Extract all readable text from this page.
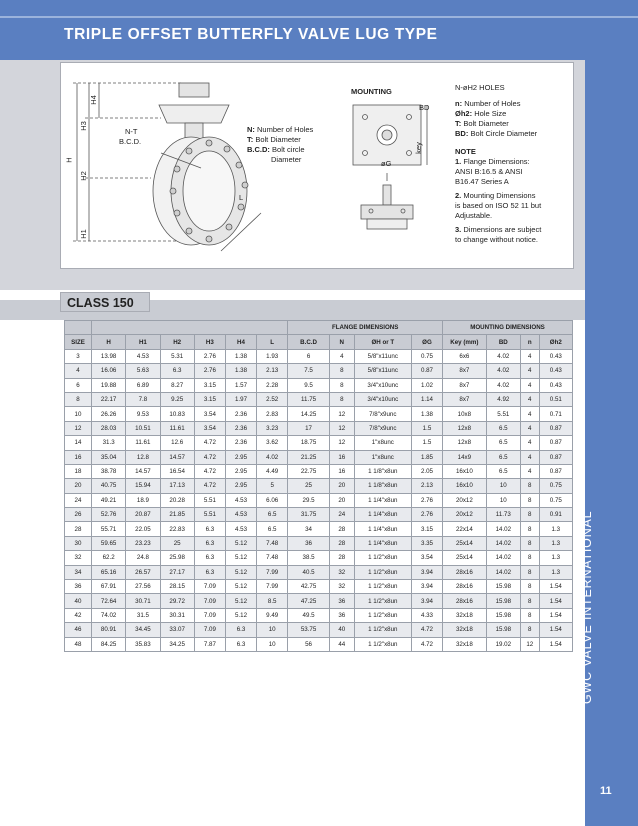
TRIPLE OFFSET BUTTERFLY VALVE LUG TYPE
H4
H3
H
H2
H1
N-T
B.C.D.
L
N: Number of Holes
T: Bolt Diameter
B.C.D: Bolt circle
Diameter
MOUNTING
BD
key
øG
N-øH2 HOLES
n: Number of Holes
Øh2: Hole Size
T: Bolt Diameter
BD: Bolt Circle Diameter
NOTE
1. Flange Dimensions:
ANSI B:16.5 & ANSI
B16.47 Series A
2. Mounting Dimensions
is based on ISO 52 11 but
Adjustable.
3. Dimensions are subject
to change without notice.
CLASS 150
							FLANGE DIMENSIONS				MOUNTING DIMENSIONS			
SIZE	H	H1	H2	H3	H4	L	B.C.D	N	ØH or T	ØG	Key (mm)	BD	n	Øh2
3	13.98	4.53	5.31	2.76	1.38	1.93	6	4	5/8"x11unc	0.75	6x6	4.02	4	0.43
4	16.06	5.63	6.3	2.76	1.38	2.13	7.5	8	5/8"x11unc	0.87	8x7	4.02	4	0.43
6	19.88	6.89	8.27	3.15	1.57	2.28	9.5	8	3/4"x10unc	1.02	8x7	4.02	4	0.43
8	22.17	7.8	9.25	3.15	1.97	2.52	11.75	8	3/4"x10unc	1.14	8x7	4.92	4	0.51
10	26.26	9.53	10.83	3.54	2.36	2.83	14.25	12	7/8"x9unc	1.38	10x8	5.51	4	0.71
12	28.03	10.51	11.61	3.54	2.36	3.23	17	12	7/8"x9unc	1.5	12x8	6.5	4	0.87
14	31.3	11.61	12.6	4.72	2.36	3.62	18.75	12	1"x8unc	1.5	12x8	6.5	4	0.87
16	35.04	12.8	14.57	4.72	2.95	4.02	21.25	16	1"x8unc	1.85	14x9	6.5	4	0.87
18	38.78	14.57	16.54	4.72	2.95	4.49	22.75	16	1 1/8"x8un	2.05	16x10	6.5	4	0.87
20	40.75	15.94	17.13	4.72	2.95	5	25	20	1 1/8"x8un	2.13	16x10	10	8	0.75
24	49.21	18.9	20.28	5.51	4.53	6.06	29.5	20	1 1/4"x8un	2.76	20x12	10	8	0.75
26	52.76	20.87	21.85	5.51	4.53	6.5	31.75	24	1 1/4"x8un	2.76	20x12	11.73	8	0.91
28	55.71	22.05	22.83	6.3	4.53	6.5	34	28	1 1/4"x8un	3.15	22x14	14.02	8	1.3
30	59.65	23.23	25	6.3	5.12	7.48	36	28	1 1/4"x8un	3.35	25x14	14.02	8	1.3
32	62.2	24.8	25.98	6.3	5.12	7.48	38.5	28	1 1/2"x8un	3.54	25x14	14.02	8	1.3
34	65.16	26.57	27.17	6.3	5.12	7.99	40.5	32	1 1/2"x8un	3.94	28x16	14.02	8	1.3
36	67.91	27.56	28.15	7.09	5.12	7.99	42.75	32	1 1/2"x8un	3.94	28x16	15.98	8	1.54
40	72.64	30.71	29.72	7.09	5.12	8.5	47.25	36	1 1/2"x8un	3.94	28x16	15.98	8	1.54
42	74.02	31.5	30.31	7.09	5.12	9.49	49.5	36	1 1/2"x8un	4.33	32x18	15.98	8	1.54
46	80.91	34.45	33.07	7.09	6.3	10	53.75	40	1 1/2"x8un	4.72	32x18	15.98	8	1.54
48	84.25	35.83	34.25	7.87	6.3	10	56	44	1 1/2"x8un	4.72	32x18	19.02	12	1.54 GWC VALVE INTERNATIONAL
11
